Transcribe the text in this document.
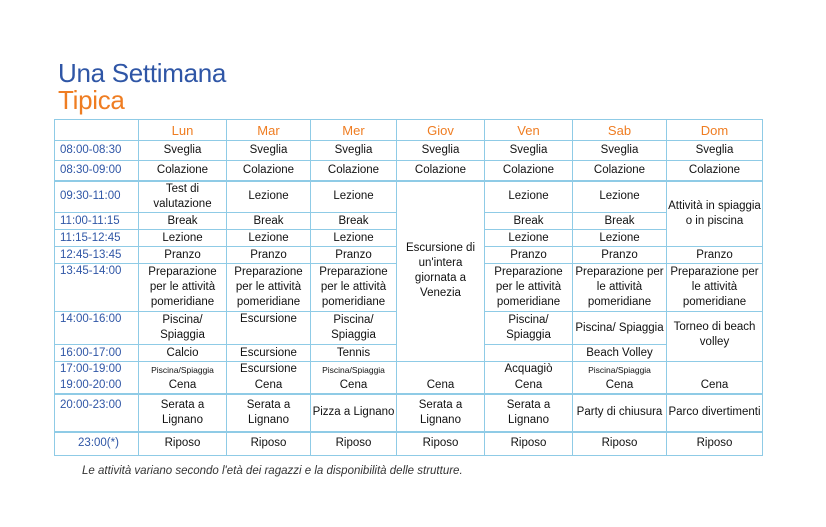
Una Settimana
Tipica
	Lun	Mar	Mer	Giov	Ven	Sab	Dom	
08:00-08:30	Sveglia	Sveglia	Sveglia	Sveglia	Sveglia	Sveglia	Sveglia	
08:30-09:00	Colazione	Colazione	Colazione	Colazione	Colazione	Colazione	Colazione	
09:30-11:00	Test di valutazione	Lezione	Lezione	Escursione di un'intera giornata a Venezia	Lezione	Lezione	Attività in spiaggia o in piscina	
11:00-11:15	Break	Break	Break		Break	Break		
11:15-12:45	Lezione	Lezione	Lezione		Lezione	Lezione		
12:45-13:45	Pranzo	Pranzo	Pranzo		Pranzo	Pranzo	Pranzo	
13:45-14:00	Preparazione per le attività pomeridiane	Preparazione per le attività pomeridiane	Preparazione per le attività pomeridiane		Preparazione per le attività pomeridiane	Preparazione per le attività pomeridiane	Preparazione per le attività pomeridiane	
14:00-16:00	Piscina/ Spiaggia	Escursione	Piscina/ Spiaggia		Piscina/ Spiaggia	Piscina/ Spiaggia	Torneo di beach volley	
16:00-17:00	Calcio	Escursione	Tennis			Beach Volley	
17:00-19:00	Piscina/Spiaggia	Escursione	Piscina/Spiaggia		Acquagiò	Piscina/Spiaggia		
19:00-20:00	Cena	Cena	Cena	Cena	Cena	Cena	Cena	
20:00-23:00	Serata a Lignano	Serata a Lignano	Pizza a Lignano	Serata a Lignano	Serata a Lignano	Party di chiusura	Parco divertimenti	
23:00(*)	Riposo	Riposo	Riposo	Riposo	Riposo	Riposo	Riposo	
Le attività variano secondo l'età dei ragazzi e la disponibilità delle strutture.
